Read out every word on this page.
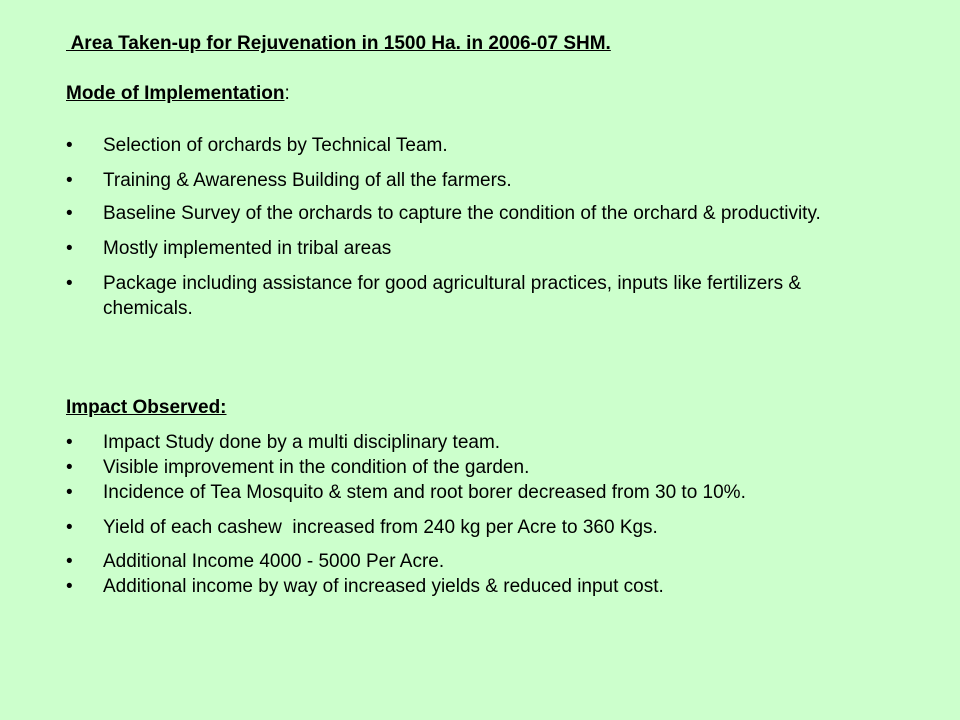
Area Taken-up for Rejuvenation in 1500 Ha. in 2006-07 SHM.

Mode of Implementation:

• Selection of orchards by Technical Team.
• Training & Awareness Building of all the farmers.
• Baseline Survey of the orchards to capture the condition of the orchard & productivity.
• Mostly implemented in tribal areas
• Package including assistance for good agricultural practices, inputs like fertilizers & chemicals.

Impact Observed:

• Impact Study done by a multi disciplinary team.
• Visible improvement in the condition of the garden.
• Incidence of Tea Mosquito & stem and root borer decreased from 30 to 10%.
• Yield of each cashew  increased from 240 kg per Acre to 360 Kgs.
• Additional Income 4000 - 5000 Per Acre.
• Additional income by way of increased yields & reduced input cost.
